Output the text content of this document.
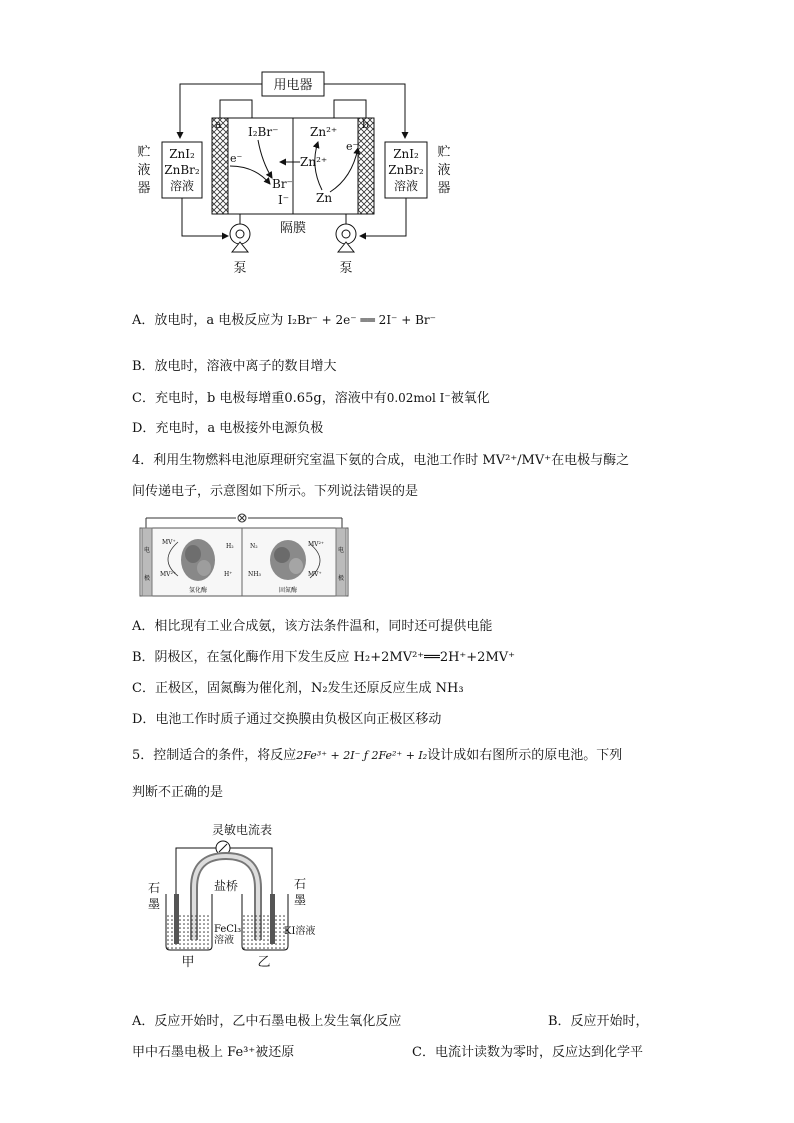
用电器
a	b
e⁻
e⁻
I₂Br⁻
Br⁻
I⁻
Zn²⁺
Zn²⁺
Zn
ZnI₂
ZnBr₂
溶液
ZnI₂
ZnBr₂
溶液
贮
液
器
贮
液
器
隔膜
泵	泵
A．放电时，a 电极反应为 I₂Br⁻ + 2e⁻ ══ 2I⁻ + Br⁻
B．放电时，溶液中离子的数目增大
C．充电时，b 电极每增重0.65g，溶液中有0.02mol I⁻被氧化
D．充电时，a 电极接外电源负极
4．利用生物燃料电池原理研究室温下氨的合成，电池工作时 MV²⁺/MV⁺在电极与酶之
间传递电子，示意图如下所示。下列说法错误的是
电
极
电
极
MV⁺
MV²⁺
H₂
H⁺
N₂
NH₃
MV²⁺
MV⁺
氢化酶	固氮酶
A．相比现有工业合成氨，该方法条件温和，同时还可提供电能
B．阴极区，在氢化酶作用下发生反应 H₂+2MV²⁺══2H⁺+2MV⁺
C．正极区，固氮酶为催化剂，N₂发生还原反应生成 NH₃
D．电池工作时质子通过交换膜由负极区向正极区移动
5．控制适合的条件，将反应2Fe³⁺ + 2I⁻ ƒ 2Fe²⁺ + I₂设计成如右图所示的原电池。下列
判断不正确的是
灵敏电流表
盐桥
石
墨
石
墨
FeCl₃
溶液
KI溶液
甲	乙
A．反应开始时，乙中石墨电极上发生氧化反应	B．反应开始时，
甲中石墨电极上 Fe³⁺被还原	C．电流计读数为零时，反应达到化学平
